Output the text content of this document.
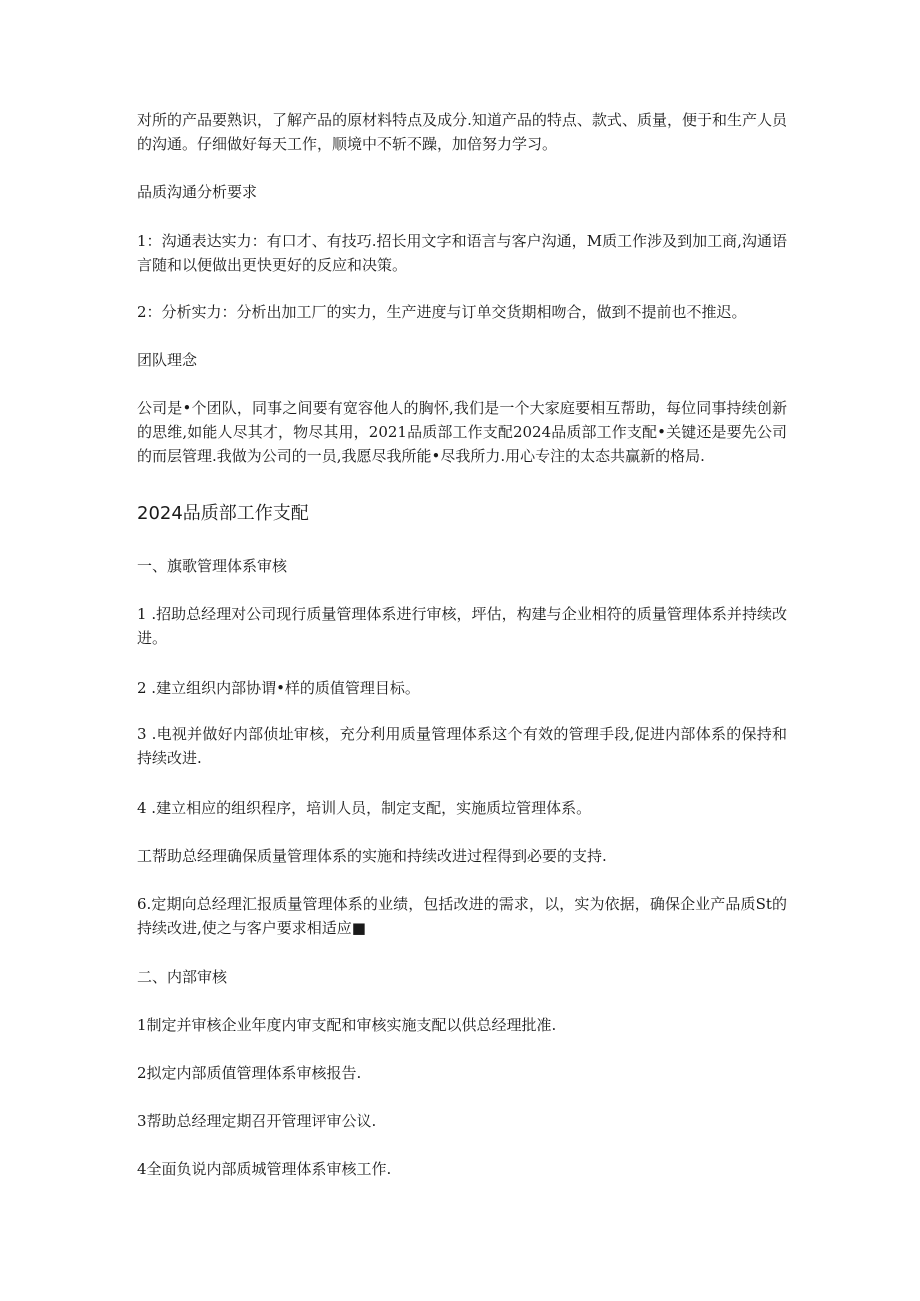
对所的产品要熟识，了解产品的原材料特点及成分.知道产品的特点、款式、质量，便于和生产人员的沟通。仔细做好每天工作，顺境中不斩不躁，加倍努力学习。

品质沟通分析要求

1：沟通表达实力：有口才、有技巧.招长用文字和语言与客户沟通，M质工作涉及到加工商,沟通语言随和以便做出更快更好的反应和决策。

2：分析实力：分析出加工厂的实力，生产进度与订单交货期相吻合，做到不提前也不推迟。

团队理念

公司是•个团队，同事之间要有宽容他人的胸怀,我们是一个大家庭要相互帮助，每位同事持续创新的思维,如能人尽其才，物尽其用，2021品质部工作支配2024品质部工作支配•关键还是要先公司的而层管理.我做为公司的一员,我愿尽我所能•尽我所力.用心专注的太态共赢新的格局.

2024品质部工作支配

一、旗歌管理体系审核

1 .招助总经理对公司现行质量管理体系进行审核，坪估，构建与企业相符的质量管理体系并持续改进。

2 .建立组织内部协谓•样的质值管理目标。

3 .电视并做好内部侦址审核，充分利用质量管理体系这个有效的管理手段,促进内部体系的保持和持续改进.

4 .建立相应的组织程序，培训人员，制定支配，实施质垃管理体系。

工帮助总经理确保质量管理体系的实施和持续改进过程得到必要的支持.

6.定期向总经理汇报质量管理体系的业绩，包括改进的需求，以，实为依据，确保企业产品质St的持续改进,使之与客户要求相适应■

二、内部审核

1制定并审核企业年度内审支配和审核实施支配以供总经理批准.

2拟定内部质值管理体系审核报告.

3帮助总经理定期召开管理评审公议.

4全面负说内部质城管理体系审核工作.
